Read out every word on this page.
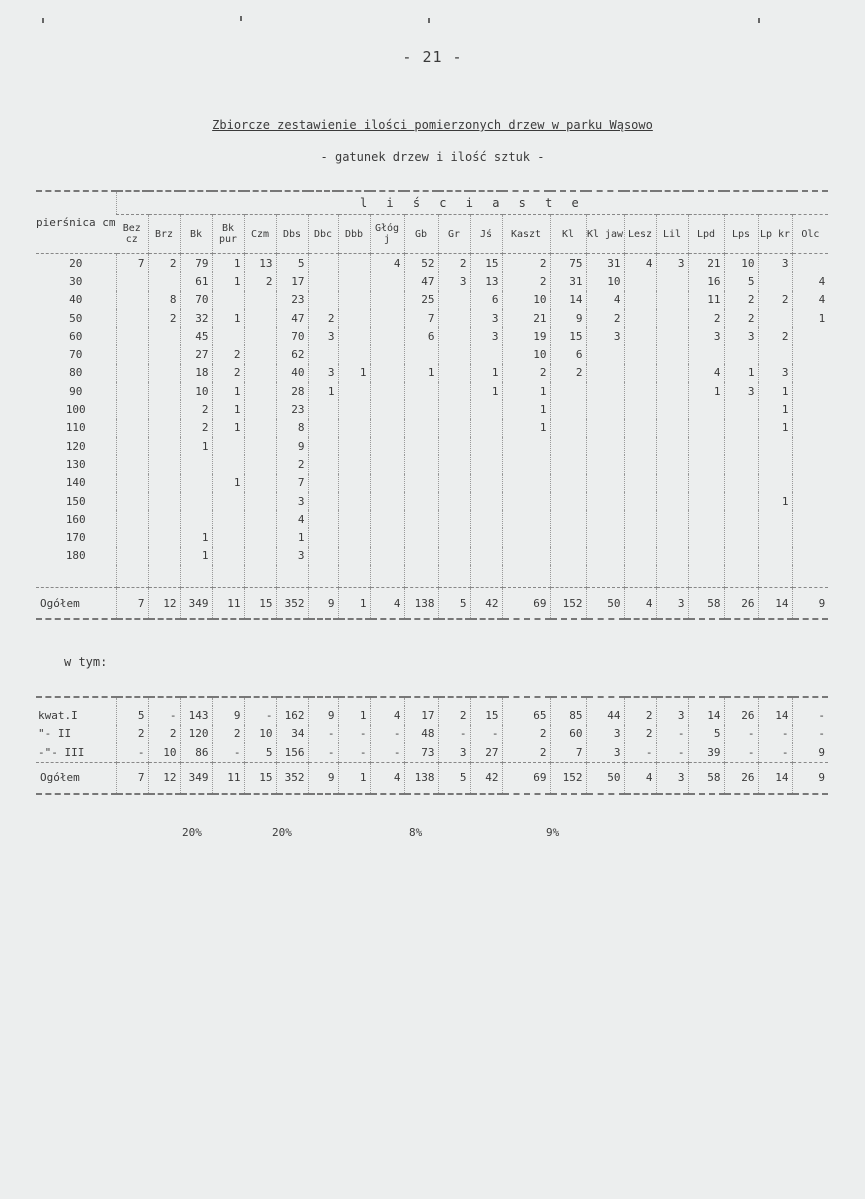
- 21 -
Zbiorcze zestawienie ilości pomierzonych drzew w parku Wąsowo
- gatunek drzew i ilość sztuk -
pierśnica cm	l i ś c i a s t e																				
	Bez cz	Brz	Bk	Bk pur	Czm	Dbs	Dbc	Dbb	Głóg j	Gb	Gr	Jś	Kaszt	Kl	Kl jaw	Lesz	Lil	Lpd	Lps	Lp kr	Olc
20	7	2	79	1	13	5			4	52	2	15	2	75	31	4	3	21	10	3	
30			61	1	2	17				47	3	13	2	31	10			16	5		4
40		8	70			23				25		6	10	14	4			11	2	2	4
50		2	32	1		47	2			7		3	21	9	2			2	2		1
60			45			70	3			6		3	19	15	3			3	3	2	
70			27	2		62							10	6							
80			18	2		40	3	1		1		1	2	2				4	1	3	
90			10	1		28	1					1	1					1	3	1	
100			2	1		23							1							1	
110			2	1		8							1							1	
120			1			9															
130						2															
140				1		7															
150						3														1	
160						4															
170			1			1															
180			1			3															

Ogółem	7	12	349	11	15	352	9	1	4	138	5	42	69	152	50	4	3	58	26	14	9
w tym:

kwat.I	5	-	143	9	-	162	9	1	4	17	2	15	65	85	44	2	3	14	26	14	-
"- II	2	2	120	2	10	34	-	-	-	48	-	-	2	60	3	2	-	5	-	-	-
-"- III	-	10	86	-	5	156	-	-	-	73	3	27	2	7	3	-	-	39	-	-	9
Ogółem	7	12	349	11	15	352	9	1	4	138	5	42	69	152	50	4	3	58	26	14	9
20%	20%	8%	9%
